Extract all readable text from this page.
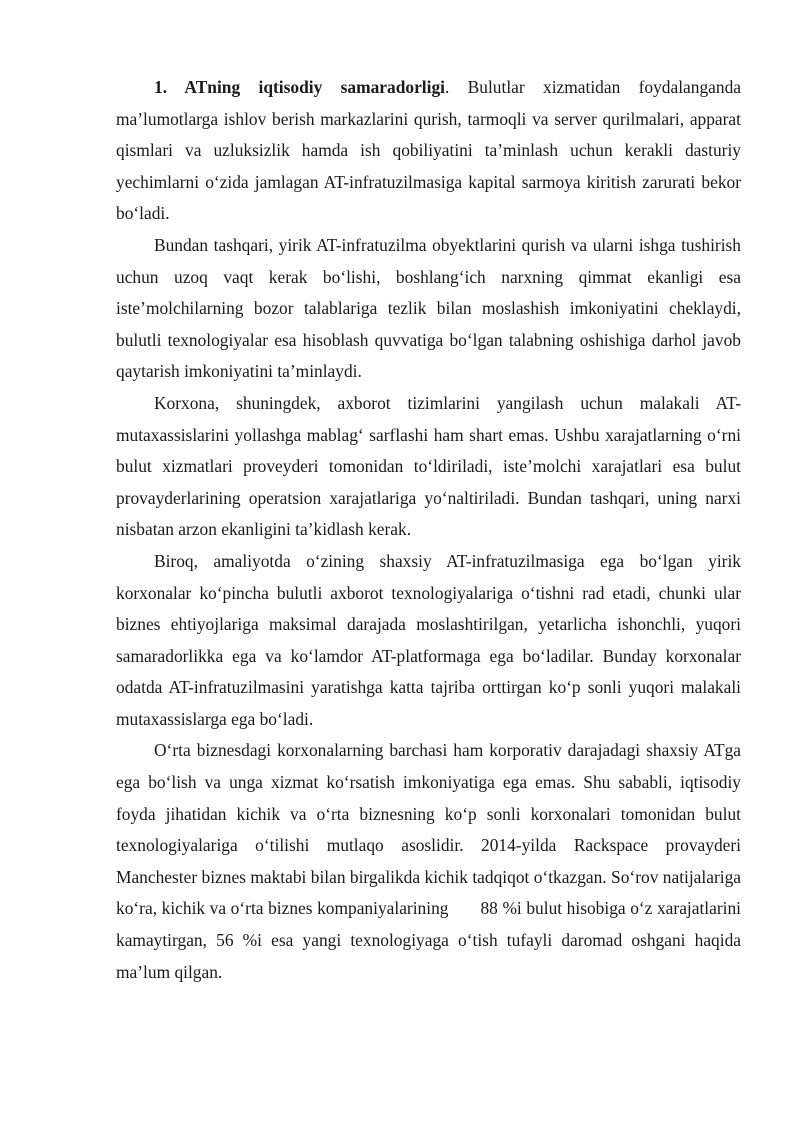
1. ATning iqtisodiy samaradorligi. Bulutlar xizmatidan foydalanganda ma’lumotlarga ishlov berish markazlarini qurish, tarmoqli va server qurilmalari, apparat qismlari va uzluksizlik hamda ish qobiliyatini ta’minlash uchun kerakli dasturiy yechimlarni o‘zida jamlagan AT-infratuzilmasiga kapital sarmoya kiritish zarurati bekor bo‘ladi.

Bundan tashqari, yirik AT-infratuzilma obyektlarini qurish va ularni ishga tushirish uchun uzoq vaqt kerak bo‘lishi, boshlang‘ich narxning qimmat ekanligi esa iste’molchilarning bozor talablariga tezlik bilan moslashish imkoniyatini cheklaydi, bulutli texnologiyalar esa hisoblash quvvatiga bo‘lgan talabning oshishiga darhol javob qaytarish imkoniyatini ta’minlaydi.

Korxona, shuningdek, axborot tizimlarini yangilash uchun malakali AT-mutaxassislarini yollashga mablag‘ sarflashi ham shart emas. Ushbu xarajatlarning o‘rni bulut xizmatlari proveyderi tomonidan to‘ldiriladi, iste’molchi xarajatlari esa bulut provayderlarining operatsion xarajatlariga yo‘naltiriladi. Bundan tashqari, uning narxi nisbatan arzon ekanligini ta’kidlash kerak.

Biroq, amaliyotda o‘zining shaxsiy AT-infratuzilmasiga ega bo‘lgan yirik korxonalar ko‘pincha bulutli axborot texnologiyalariga o‘tishni rad etadi, chunki ular biznes ehtiyojlariga maksimal darajada moslashtirilgan, yetarlicha ishonchli, yuqori samaradorlikka ega va ko‘lamdor AT-platformaga ega bo‘ladilar. Bunday korxonalar odatda AT-infratuzilmasini yaratishga katta tajriba orttirgan ko‘p sonli yuqori malakali mutaxassislarga ega bo‘ladi.

O‘rta biznesdagi korxonalarning barchasi ham korporativ darajadagi shaxsiy ATga ega bo‘lish va unga xizmat ko‘rsatish imkoniyatiga ega emas. Shu sababli, iqtisodiy foyda jihatidan kichik va o‘rta biznesning ko‘p sonli korxonalari tomonidan bulut texnologiyalariga o‘tilishi mutlaqo asoslidir. 2014-yilda Rackspace provayderi Manchester biznes maktabi bilan birgalikda kichik tadqiqot o‘tkazgan. So‘rov natijalariga ko‘ra, kichik va o‘rta biznes kompaniyalarining 88 %i bulut hisobiga o‘z xarajatlarini kamaytirgan, 56 %i esa yangi texnologiyaga o‘tish tufayli daromad oshgani haqida ma’lum qilgan.
